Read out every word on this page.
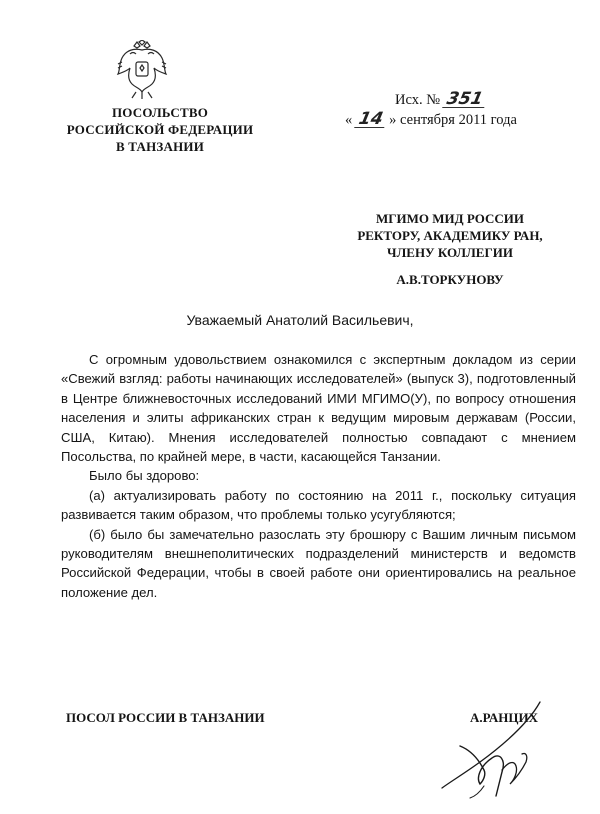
ПОСОЛЬСТВО
РОССИЙСКОЙ ФЕДЕРАЦИИ
В ТАНЗАНИИ
Исх. № 351
« 14 » сентября 2011 года
МГИМО МИД РОССИИ
РЕКТОРУ, АКАДЕМИКУ РАН,
ЧЛЕНУ КОЛЛЕГИИ
А.В.ТОРКУНОВУ
Уважаемый Анатолий Васильевич,

С огромным удовольствием ознакомился с экспертным докладом из серии «Свежий взгляд: работы начинающих исследователей» (выпуск 3), подготовленный в Центре ближневосточных исследований ИМИ МГИМО(У), по вопросу отношения населения и элиты африканских стран к ведущим мировым державам (России, США, Китаю). Мнения исследователей полностью совпадают с мнением Посольства, по крайней мере, в части, касающейся Танзании.

Было бы здорово:

(а) актуализировать работу по состоянию на 2011 г., поскольку ситуация развивается таким образом, что проблемы только усугубляются;

(б) было бы замечательно разослать эту брошюру с Вашим личным письмом руководителям внешнеполитических подразделений министерств и ведомств Российской Федерации, чтобы в своей работе они ориентировались на реальное положение дел.

ПОСОЛ РОССИИ В ТАНЗАНИИ	А.РАНЦИХ
